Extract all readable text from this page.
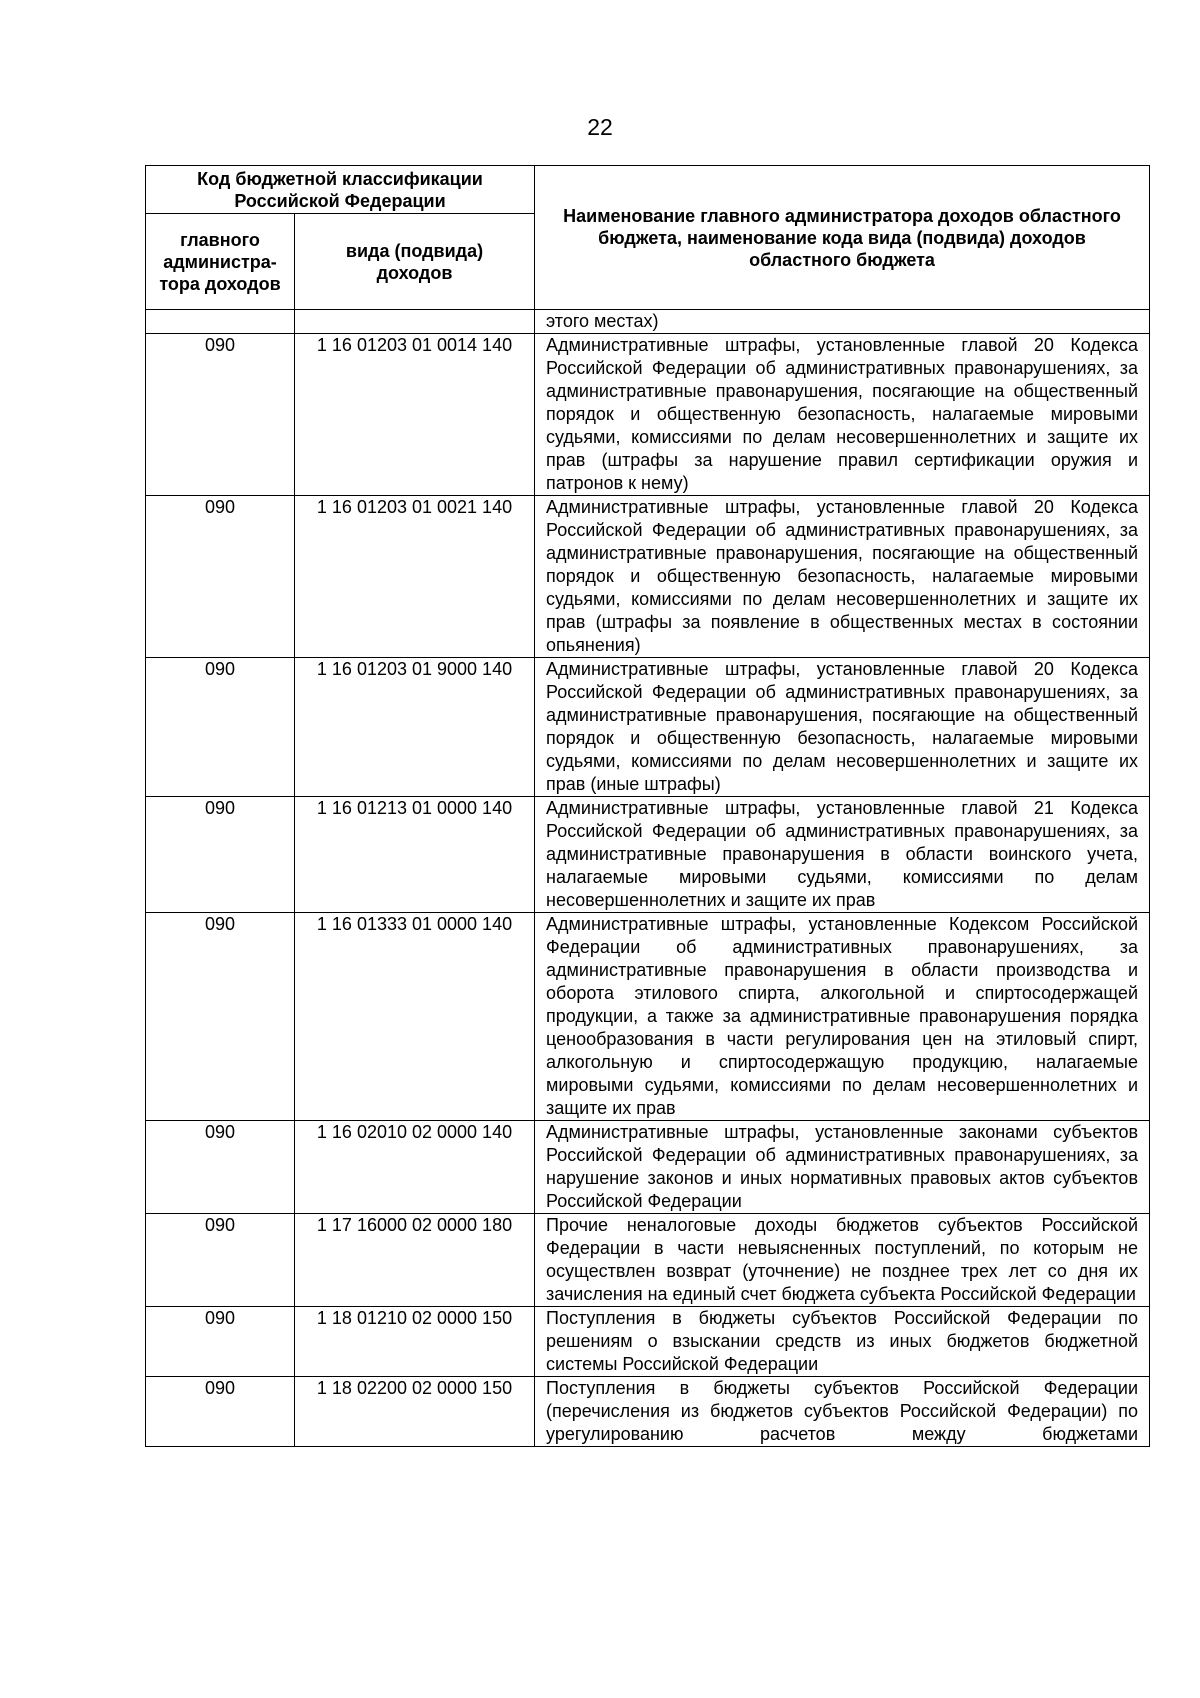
22
Код бюджетной классификации Российской Федерации		Наименование главного администратора доходов областного бюджета, наименование кода вида (подвида) доходов областного бюджета
главного администра-тора доходов	вида (подвида) доходов	
		этого местах)
090	1 16 01203 01 0014 140	Административные штрафы, установленные главой 20 Кодекса Российской Федерации об административных правонарушениях, за административные правонарушения, посягающие на общественный порядок и общественную безопасность, налагаемые мировыми судьями, комиссиями по делам несовершеннолетних и защите их прав (штрафы за нарушение правил сертификации оружия и патронов к нему)
090	1 16 01203 01 0021 140	Административные штрафы, установленные главой 20 Кодекса Российской Федерации об административных правонарушениях, за административные правонарушения, посягающие на общественный порядок и общественную безопасность, налагаемые мировыми судьями, комиссиями по делам несовершеннолетних и защите их прав (штрафы за появление в общественных местах в состоянии опьянения)
090	1 16 01203 01 9000 140	Административные штрафы, установленные главой 20 Кодекса Российской Федерации об административных правонарушениях, за административные правонарушения, посягающие на общественный порядок и общественную безопасность, налагаемые мировыми судьями, комиссиями по делам несовершеннолетних и защите их прав (иные штрафы)
090	1 16 01213 01 0000 140	Административные штрафы, установленные главой 21 Кодекса Российской Федерации об административных правонарушениях, за административные правонарушения в области воинского учета, налагаемые мировыми судьями, комиссиями по делам несовершеннолетних и защите их прав
090	1 16 01333 01 0000 140	Административные штрафы, установленные Кодексом Российской Федерации об административных правонарушениях, за административные правонарушения в области производства и оборота этилового спирта, алкогольной и спиртосодержащей продукции, а также за административные правонарушения порядка ценообразования в части регулирования цен на этиловый спирт, алкогольную и спиртосодержащую продукцию, налагаемые мировыми судьями, комиссиями по делам несовершеннолетних и защите их прав
090	1 16 02010 02 0000 140	Административные штрафы, установленные законами субъектов Российской Федерации об административных правонарушениях, за нарушение законов и иных нормативных правовых актов субъектов Российской Федерации
090	1 17 16000 02 0000 180	Прочие неналоговые доходы бюджетов субъектов Российской Федерации в части невыясненных поступлений, по которым не осуществлен возврат (уточнение) не позднее трех лет со дня их зачисления на единый счет бюджета субъекта Российской Федерации
090	1 18 01210 02 0000 150	Поступления в бюджеты субъектов Российской Федерации по решениям о взыскании средств из иных бюджетов бюджетной системы Российской Федерации
090	1 18 02200 02 0000 150	Поступления в бюджеты субъектов Российской Федерации (перечисления из бюджетов субъектов Российской Федерации) по урегулированию расчетов между бюджетами
